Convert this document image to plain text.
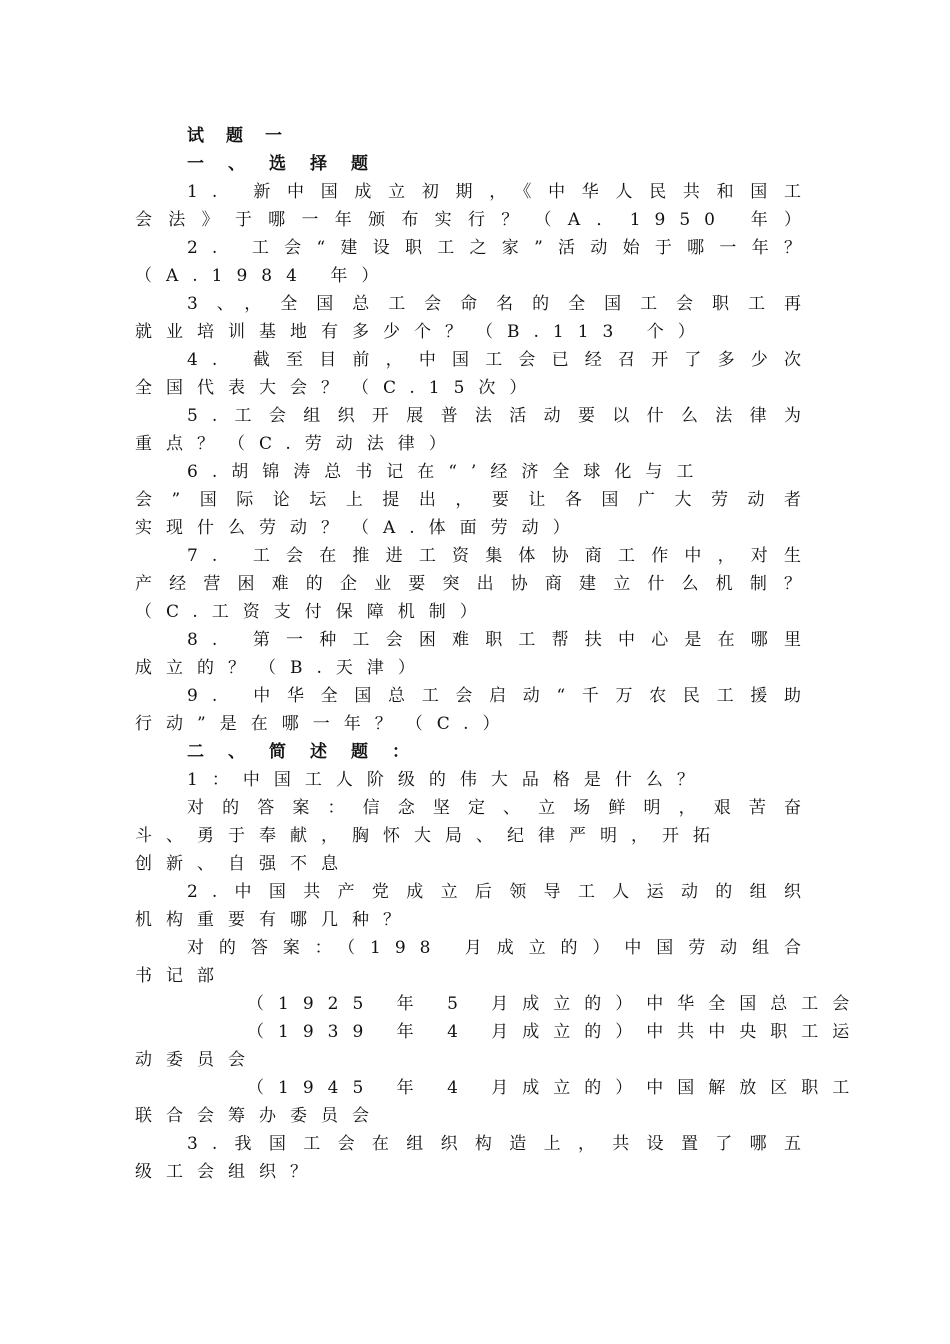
试题一
一、选择题
1. 新中国成立初期，《中华人民共和国工
会法》于哪一年颁布实行？（A．1950 年）
2. 工会“建设职工之家”活动始于哪一年？
（A.1984 年）
3、，全国总工会命名的全国工会职工再
就业培训基地有多少个？（B.113 个）
4. 截至目前，中国工会已经召开了多少次
全国代表大会？（C.15次）
5.工会组织开展普法活动要以什么法律为
重点？（C.劳动法律）
6.胡锦涛总书记在“’经济全球化与工
会”国际论坛上提出，要让各国广大劳动者
实现什么劳动？（A.体面劳动）
7. 工会在推进工资集体协商工作中，对生
产经营困难的企业要突出协商建立什么机制？
（C.工资支付保障机制）
8. 第一种工会困难职工帮扶中心是在哪里
成立的？（B.天津）
9. 中华全国总工会启动“千万农民工援助
行动”是在哪一年？（C.）
二、简述题：
1：中国工人阶级的伟大品格是什么？
对的答案：信念坚定、立场鲜明，艰苦奋
斗、勇于奉献，胸怀大局、纪律严明，开拓
创新、自强不息
2.中国共产党成立后领导工人运动的组织
机构重要有哪几种？
对的答案：（198 月成立的）中国劳动组合
书记部
（1925 年 5 月成立的）中华全国总工会
（1939 年 4 月成立的）中共中央职工运
动委员会
（1945 年 4 月成立的）中国解放区职工
联合会筹办委员会
3.我国工会在组织构造上，共设置了哪五
级工会组织？
